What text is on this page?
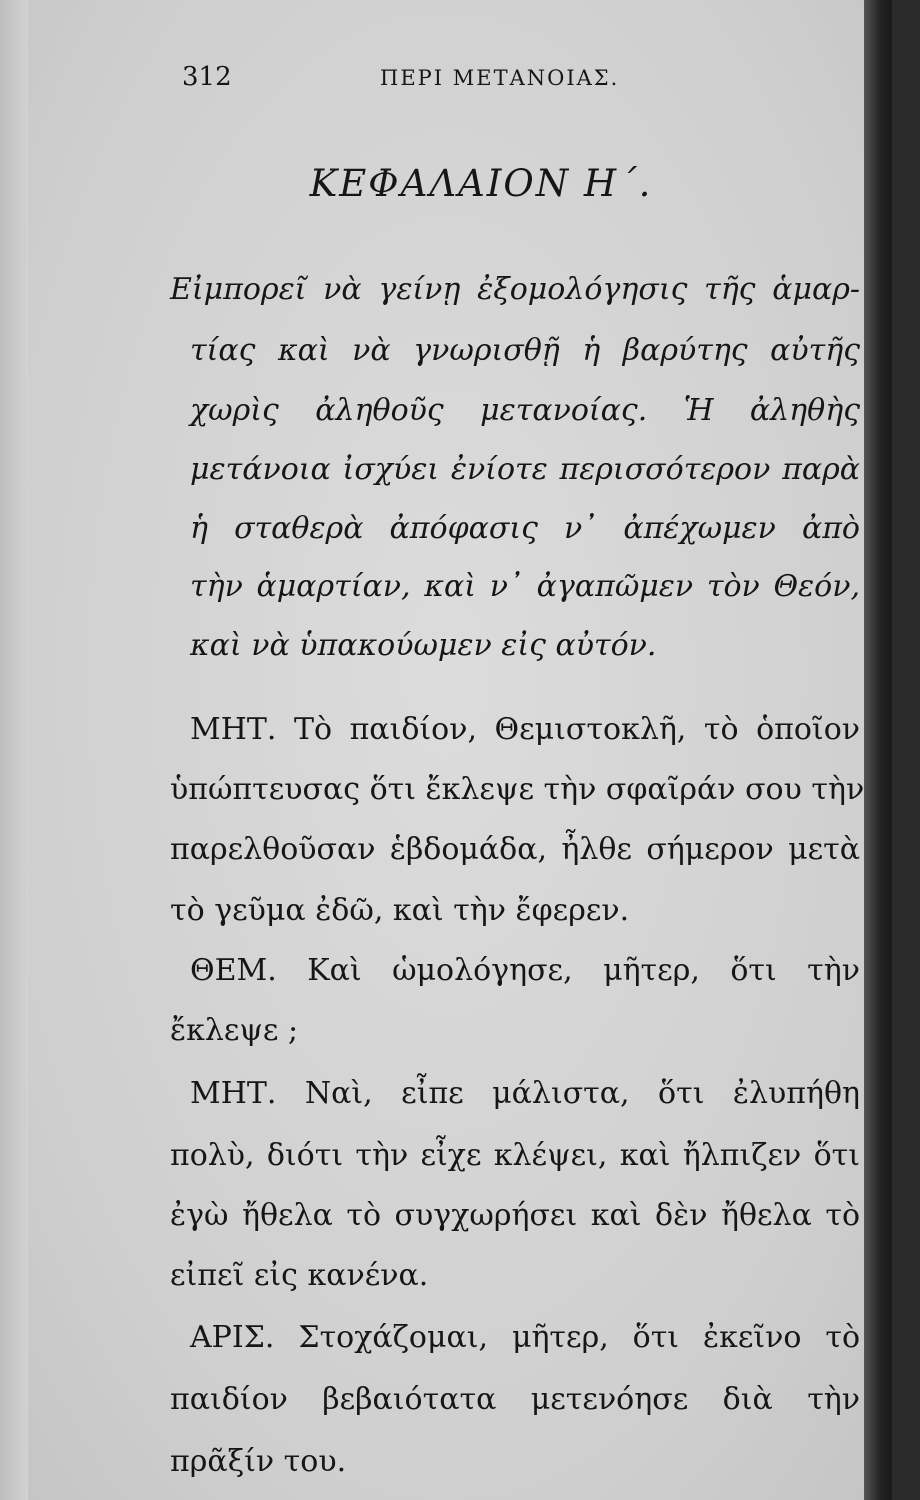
312	ΠΕΡΙ ΜΕΤΑΝΟΙΑΣ.
ΚΕΦΑΛΑΙΟΝ Η΄.
Εἰμπορεῖ νὰ γείνῃ ἐξομολόγησις τῆς ἁμαρ-
τίας καὶ νὰ γνωρισθῇ ἡ βαρύτης αὐτῆς
χωρὶς ἀληθοῦς μετανοίας. Ἡ ἀληθὴς
μετάνοια ἰσχύει ἐνίοτε περισσότερον παρὰ
ἡ σταθερὰ ἀπόφασις ν᾽ ἀπέχωμεν ἀπὸ
τὴν ἁμαρτίαν, καὶ ν᾽ ἀγαπῶμεν τὸν Θεόν,
καὶ νὰ ὑπακούωμεν εἰς αὐτόν.
ΜΗΤ. Τὸ παιδίον, Θεμιστοκλῆ, τὸ ὁποῖον
ὑπώπτευσας ὅτι ἔκλεψε τὴν σφαῖράν σου τὴν
παρελθοῦσαν ἑβδομάδα, ἦλθε σήμερον μετὰ
τὸ γεῦμα ἐδῶ, καὶ τὴν ἔφερεν.
ΘΕΜ. Καὶ ὡμολόγησε, μῆτερ, ὅτι τὴν
ἔκλεψε ;
ΜΗΤ. Ναὶ, εἶπε μάλιστα, ὅτι ἐλυπήθη
πολὺ, διότι τὴν εἶχε κλέψει, καὶ ἤλπιζεν ὅτι
ἐγὼ ἤθελα τὸ συγχωρήσει καὶ δὲν ἤθελα τὸ
εἰπεῖ εἰς κανένα.
ΑΡΙΣ. Στοχάζομαι, μῆτερ, ὅτι ἐκεῖνο τὸ
παιδίον βεβαιότατα μετενόησε διὰ τὴν
πρᾶξίν του.
